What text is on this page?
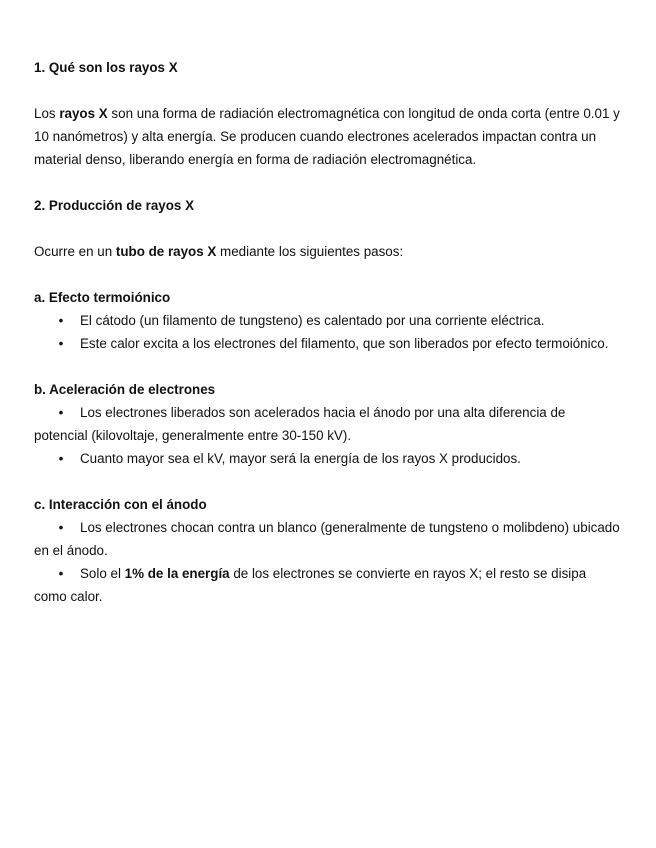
1. Qué son los rayos X

Los rayos X son una forma de radiación electromagnética con longitud de onda corta (entre 0.01 y 10 nanómetros) y alta energía. Se producen cuando electrones acelerados impactan contra un material denso, liberando energía en forma de radiación electromagnética.

2. Producción de rayos X

Ocurre en un tubo de rayos X mediante los siguientes pasos:

a. Efecto termoiónico

• El cátodo (un filamento de tungsteno) es calentado por una corriente eléctrica.

• Este calor excita a los electrones del filamento, que son liberados por efecto termoiónico.

b. Aceleración de electrones

• Los electrones liberados son acelerados hacia el ánodo por una alta diferencia de potencial (kilovoltaje, generalmente entre 30-150 kV).

• Cuanto mayor sea el kV, mayor será la energía de los rayos X producidos.

c. Interacción con el ánodo

• Los electrones chocan contra un blanco (generalmente de tungsteno o molibdeno) ubicado en el ánodo.

• Solo el 1% de la energía de los electrones se convierte en rayos X; el resto se disipa como calor.
